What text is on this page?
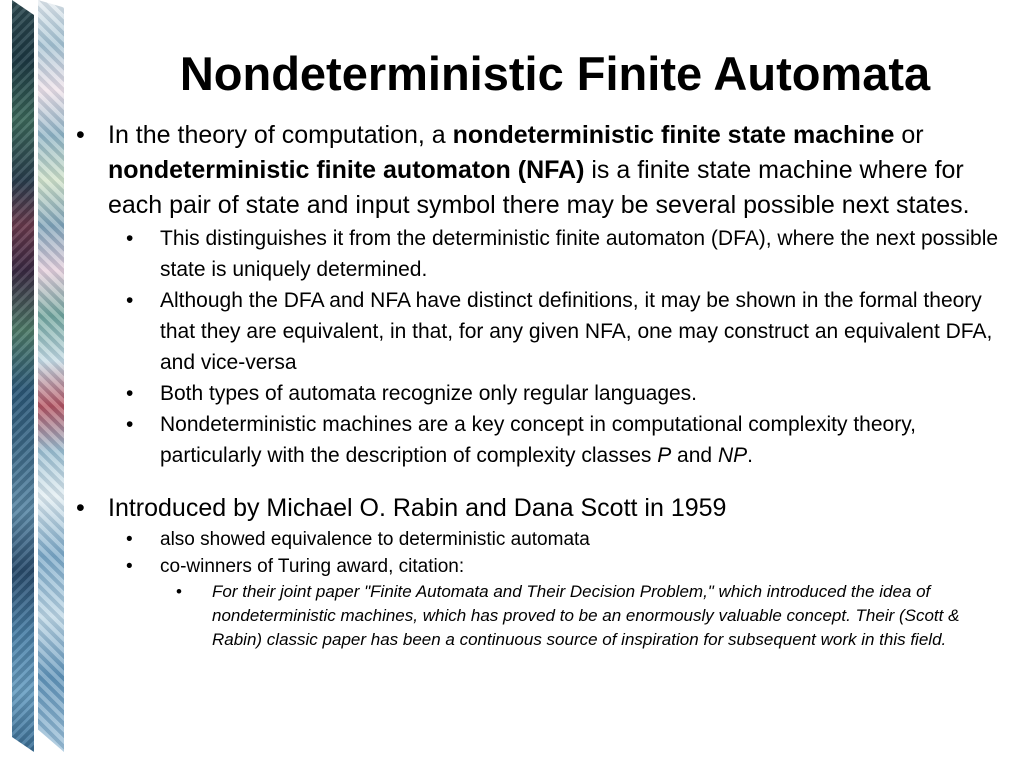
Nondeterministic Finite Automata

• In the theory of computation, a nondeterministic finite state machine or nondeterministic finite automaton (NFA) is a finite state machine where for each pair of state and input symbol there may be several possible next states.

• This distinguishes it from the deterministic finite automaton (DFA), where the next possible state is uniquely determined.

• Although the DFA and NFA have distinct definitions, it may be shown in the formal theory that they are equivalent, in that, for any given NFA, one may construct an equivalent DFA, and vice-versa

• Both types of automata recognize only regular languages.

• Nondeterministic machines are a key concept in computational complexity theory, particularly with the description of complexity classes P and NP.

• Introduced by Michael O. Rabin and Dana Scott in 1959

• also showed equivalence to deterministic automata

• co-winners of Turing award, citation:

• For their joint paper "Finite Automata and Their Decision Problem," which introduced the idea of nondeterministic machines, which has proved to be an enormously valuable concept. Their (Scott & Rabin) classic paper has been a continuous source of inspiration for subsequent work in this field.
